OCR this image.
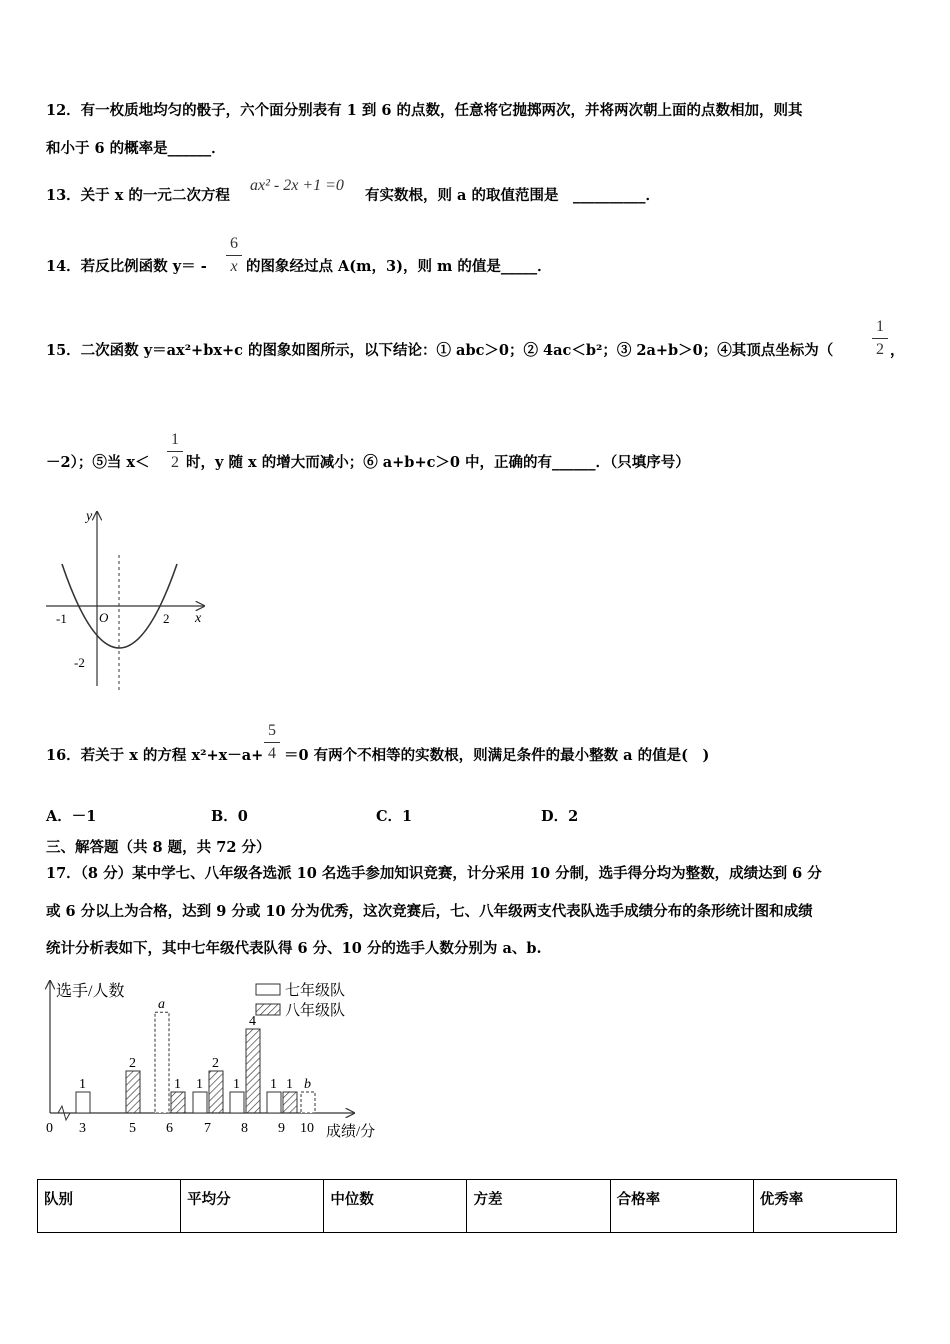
12．有一枚质地均匀的骰子，六个面分别表有 1 到 6 的点数，任意将它抛掷两次，并将两次朝上面的点数相加，则其
和小于 6 的概率是______．
13．关于 x 的一元二次方程
ax² - 2x +1 =0
有实数根，则 a 的取值范围是　__________．
14．若反比例函数 y＝ -
6
x 的图象经过点 A(m，3)，则 m 的值是_____．
15．二次函数 y＝ax²+bx+c 的图象如图所示，以下结论：① abc＞0；② 4ac＜b²；③ 2a+b＞0；④其顶点坐标为（
1
2 ，
－2）；⑤当 x＜
1
2 时，y 随 x 的增大而减小；⑥ a+b+c＞0 中，正确的有______．（只填序号）
y
x
O
-1	2
-2
16．若关于 x 的方程 x²+x－a+
5
4 ＝0 有两个不相等的实数根，则满足条件的最小整数 a 的值是(　)
A．－1	B．0	C．1	D．2
三、解答题（共 8 题，共 72 分）
17．（8 分）某中学七、八年级各选派 10 名选手参加知识竞赛，计分采用 10 分制，选手得分均为整数，成绩达到 6 分
或 6 分以上为合格，达到 9 分或 10 分为优秀，这次竞赛后，七、八年级两支代表队选手成绩分布的条形统计图和成绩
统计分析表如下，其中七年级代表队得 6 分、10 分的选手人数分别为 a、b.
选手/人数
成绩/分
0
七年级队
八年级队
3
1
5
2
6
a
1
7
1
2
8
1
4
9
1 1
10
b
队别	平均分	中位数	方差	合格率	优秀率
